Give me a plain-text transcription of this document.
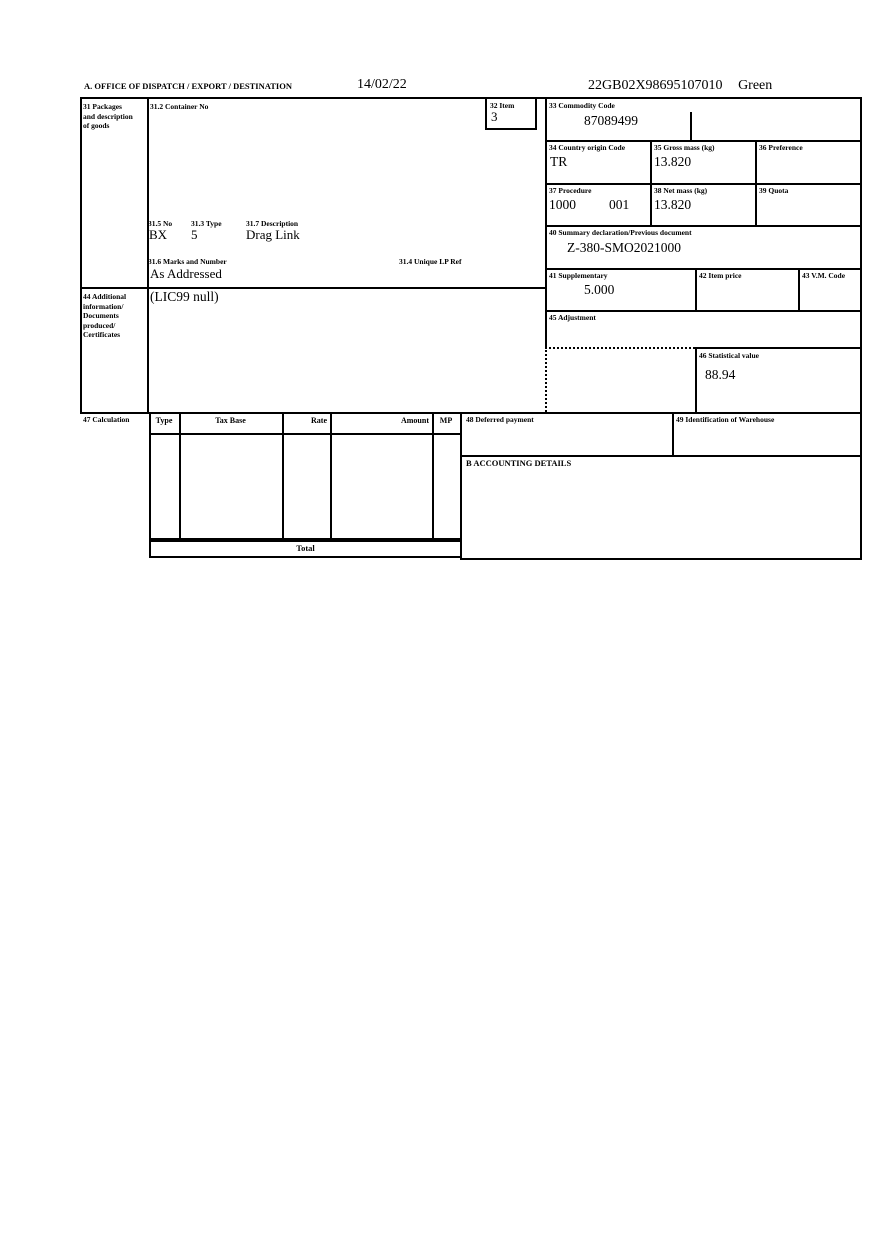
A. OFFICE OF DISPATCH / EXPORT / DESTINATION	14/02/22	22GB02X98695107010 Green
32 Item
3
31 Packages and description of goods
31.2 Container No	33 Commodity Code
87089499
34 Country origin Code
TR
35 Gross mass (kg)
13.820
36 Preference
37 Procedure
1000 001
38 Net mass (kg)
13.820
39 Quota
31.5 No
BX
31.3 Type
5
31.7 Description
Drag Link	40 Summary declaration/Previous document
Z-380-SMO2021000
31.6 Marks and Number
As Addressed
31.4 Unique LP Ref
41 Supplementary
5.000
42 Item price	43 V.M. Code
44 Additional information/ Documents produced/ Certificates
(LIC99 null)
45 Adjustment
46 Statistical value
88.94
47 Calculation	Type	Tax Base	Rate	Amount	MP
Total
48 Deferred payment	49 Identification of Warehouse
B ACCOUNTING DETAILS
